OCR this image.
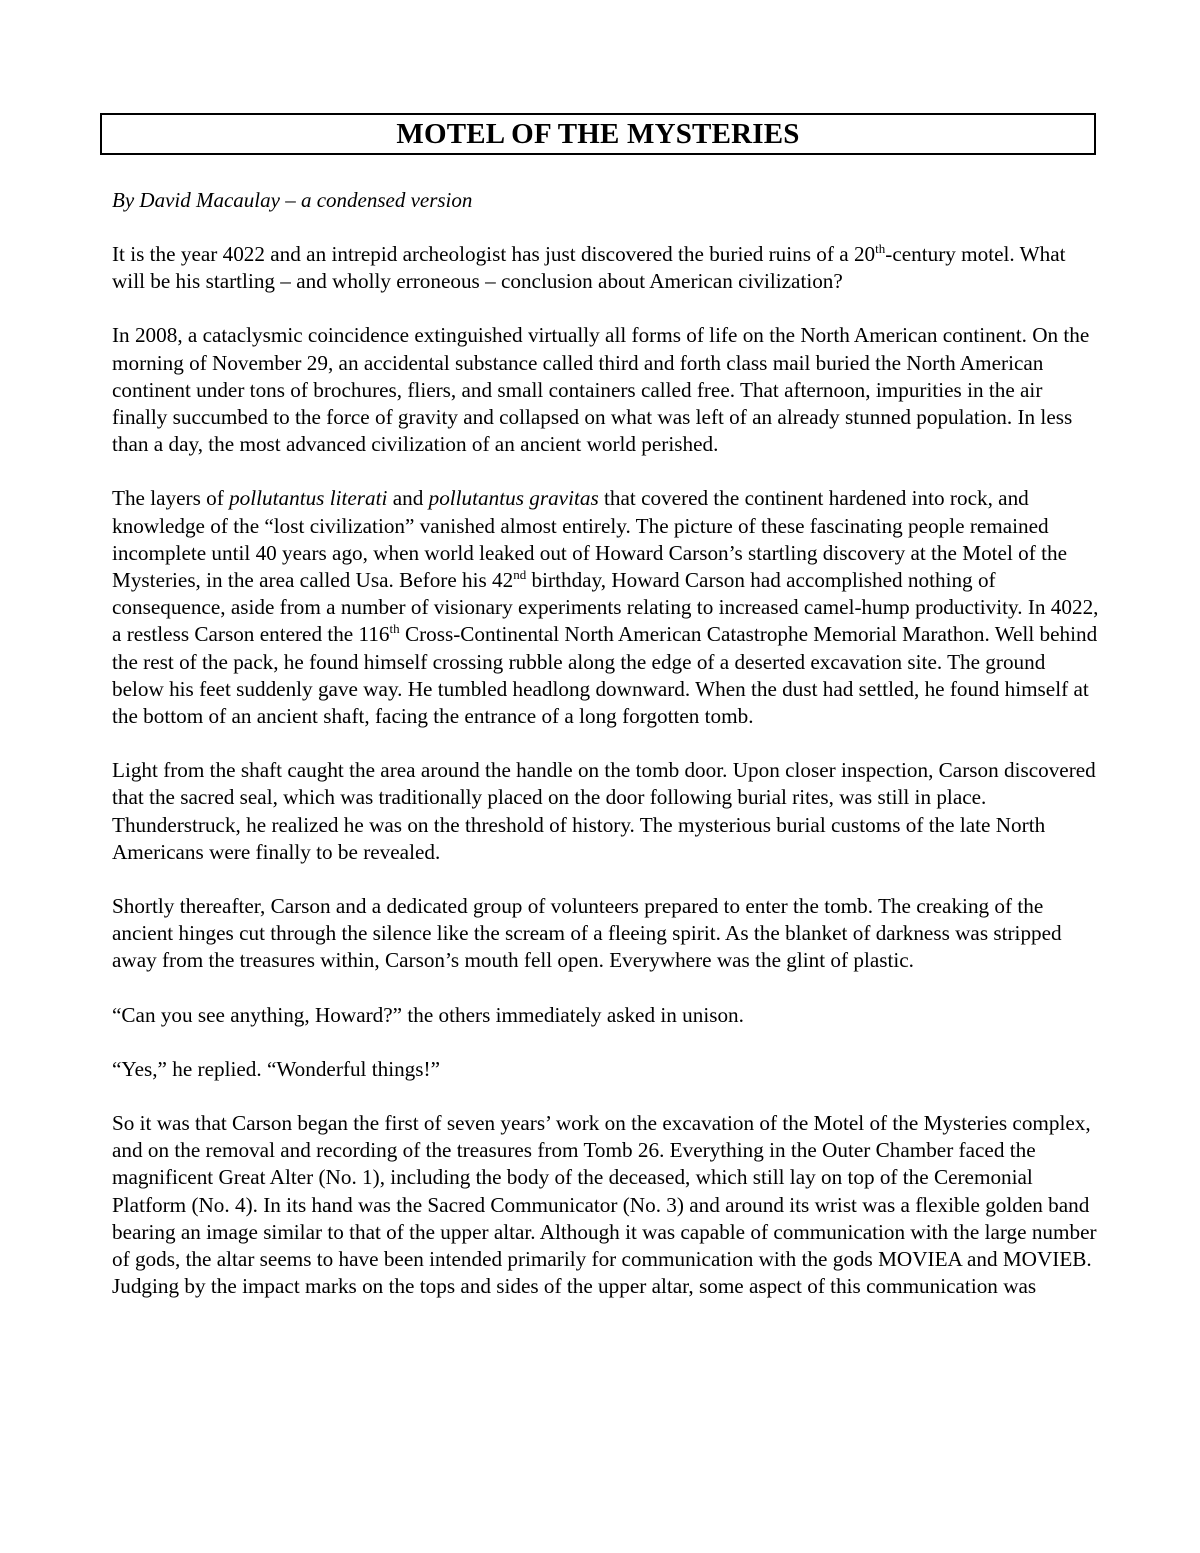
MOTEL OF THE MYSTERIES

By David Macaulay – a condensed version

It is the year 4022 and an intrepid archeologist has just discovered the buried ruins of a 20th-century motel. What will be his startling – and wholly erroneous – conclusion about American civilization?

In 2008, a cataclysmic coincidence extinguished virtually all forms of life on the North American continent. On the morning of November 29, an accidental substance called third and forth class mail buried the North American continent under tons of brochures, fliers, and small containers called free. That afternoon, impurities in the air finally succumbed to the force of gravity and collapsed on what was left of an already stunned population. In less than a day, the most advanced civilization of an ancient world perished.

The layers of pollutantus literati and pollutantus gravitas that covered the continent hardened into rock, and knowledge of the “lost civilization” vanished almost entirely. The picture of these fascinating people remained incomplete until 40 years ago, when world leaked out of Howard Carson’s startling discovery at the Motel of the Mysteries, in the area called Usa. Before his 42nd birthday, Howard Carson had accomplished nothing of consequence, aside from a number of visionary experiments relating to increased camel-hump productivity. In 4022, a restless Carson entered the 116th Cross-Continental North American Catastrophe Memorial Marathon. Well behind the rest of the pack, he found himself crossing rubble along the edge of a deserted excavation site. The ground below his feet suddenly gave way. He tumbled headlong downward. When the dust had settled, he found himself at the bottom of an ancient shaft, facing the entrance of a long forgotten tomb.

Light from the shaft caught the area around the handle on the tomb door. Upon closer inspection, Carson discovered that the sacred seal, which was traditionally placed on the door following burial rites, was still in place. Thunderstruck, he realized he was on the threshold of history. The mysterious burial customs of the late North Americans were finally to be revealed.

Shortly thereafter, Carson and a dedicated group of volunteers prepared to enter the tomb. The creaking of the ancient hinges cut through the silence like the scream of a fleeing spirit. As the blanket of darkness was stripped away from the treasures within, Carson’s mouth fell open. Everywhere was the glint of plastic.

“Can you see anything, Howard?” the others immediately asked in unison.

“Yes,” he replied. “Wonderful things!”

So it was that Carson began the first of seven years’ work on the excavation of the Motel of the Mysteries complex, and on the removal and recording of the treasures from Tomb 26. Everything in the Outer Chamber faced the magnificent Great Alter (No. 1), including the body of the deceased, which still lay on top of the Ceremonial Platform (No. 4). In its hand was the Sacred Communicator (No. 3) and around its wrist was a flexible golden band bearing an image similar to that of the upper altar. Although it was capable of communication with the large number of gods, the altar seems to have been intended primarily for communication with the gods MOVIEA and MOVIEB. Judging by the impact marks on the tops and sides of the upper altar, some aspect of this communication was
